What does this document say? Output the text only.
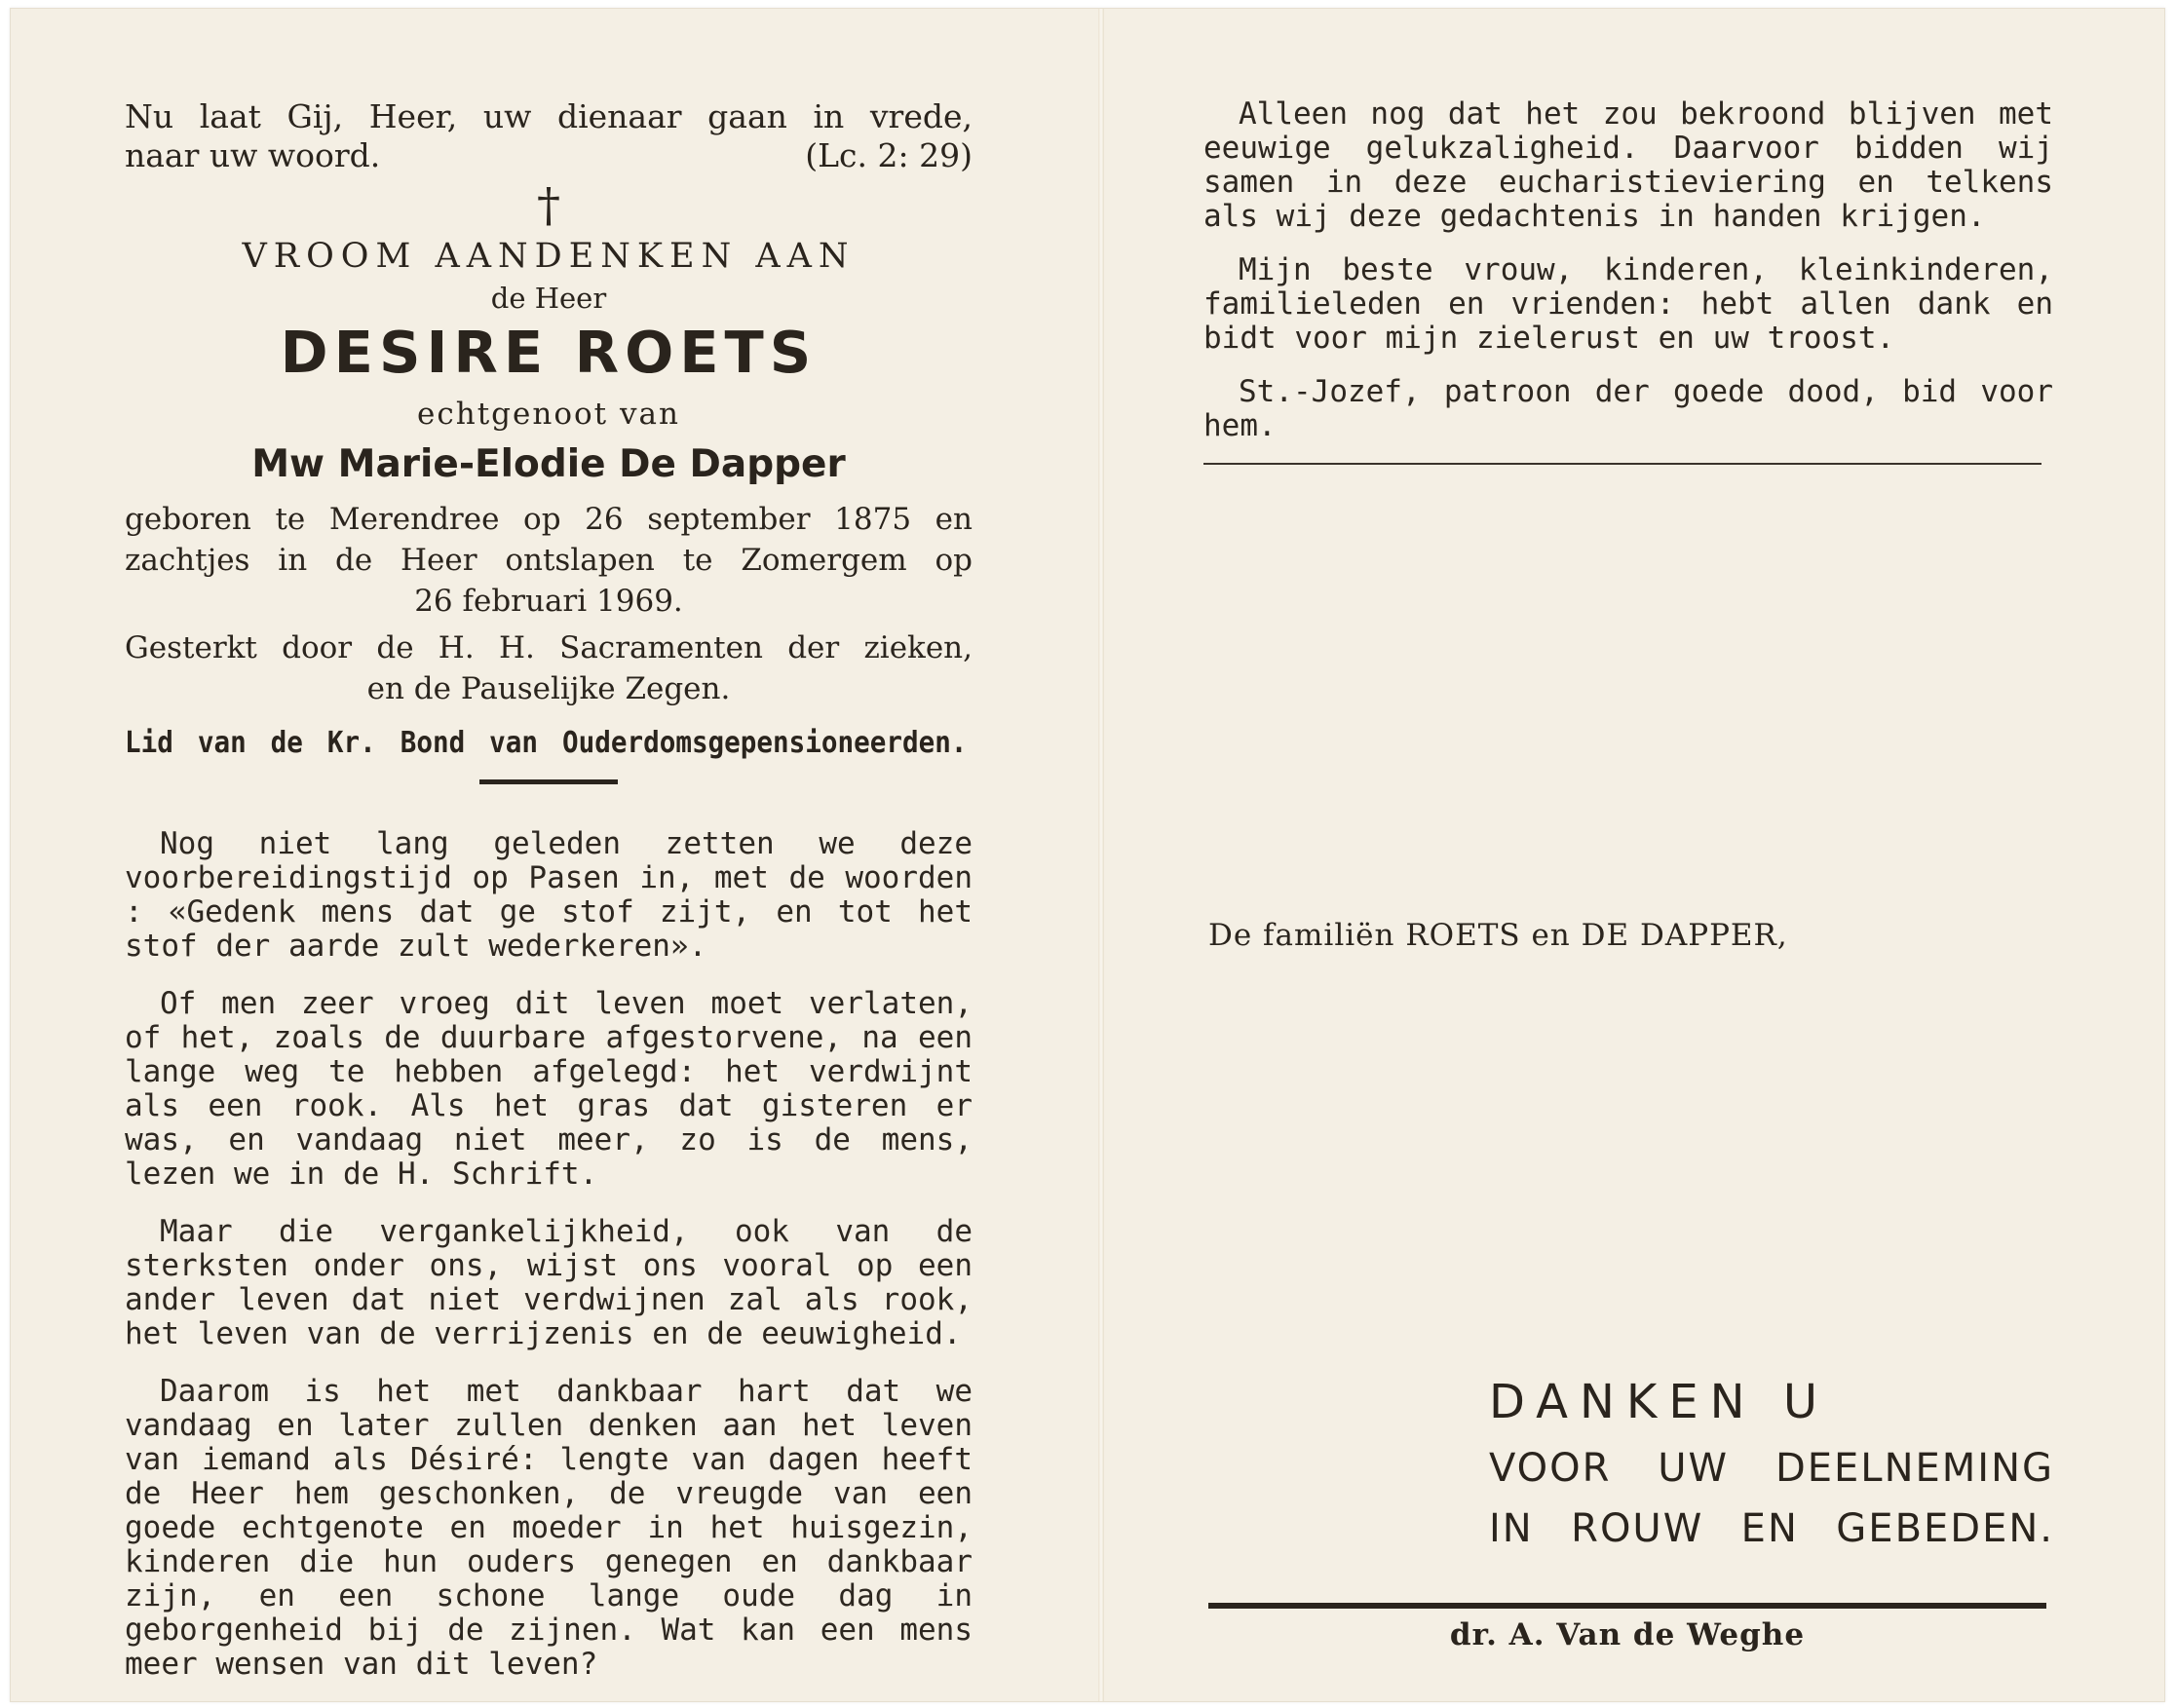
Nu laat Gij, Heer, uw dienaar gaan in vrede,

naar uw woord.	(Lc. 2: 29)
†
VROOM AANDENKEN AAN
de Heer
DESIRE ROETS
echtgenoot van
Mw Marie-Elodie De Dapper

geboren te Merendree op 26 september 1875 en

zachtjes in de Heer ontslapen te Zomergem op

26 februari 1969.

Gesterkt door de H. H. Sacramenten der zieken,

en de Pauselijke Zegen.

Lid van de Kr. Bond van Ouderdomsgepensioneerden.

Nog niet lang geleden zetten we deze voorbereidingstijd op Pasen in, met de woorden : «Gedenk mens dat ge stof zijt, en tot het stof der aarde zult wederkeren».

Of men zeer vroeg dit leven moet verlaten, of het, zoals de duurbare afgestorvene, na een lange weg te hebben afgelegd: het verdwijnt als een rook. Als het gras dat gisteren er was, en vandaag niet meer, zo is de mens, lezen we in de H. Schrift.

Maar die vergankelijkheid, ook van de sterksten onder ons, wijst ons vooral op een ander leven dat niet verdwijnen zal als rook, het leven van de verrijzenis en de eeuwigheid.

Daarom is het met dankbaar hart dat we vandaag en later zullen denken aan het leven van iemand als Désiré: lengte van dagen heeft de Heer hem geschonken, de vreugde van een goede echtgenote en moeder in het huisgezin, kinderen die hun ouders genegen en dankbaar zijn, en een schone lange oude dag in geborgenheid bij de zijnen. Wat kan een mens meer wensen van dit leven?

Alleen nog dat het zou bekroond blijven met eeuwige gelukzaligheid. Daarvoor bidden wij samen in deze eucharistieviering en telkens als wij deze gedachtenis in handen krijgen.

Mijn beste vrouw, kinderen, kleinkinderen, familieleden en vrienden: hebt allen dank en bidt voor mijn zielerust en uw troost.

St.-Jozef, patroon der goede dood, bid voor hem.

De familiën ROETS en DE DAPPER,
DANKEN U
VOOR UW DEELNEMING
IN ROUW EN GEBEDEN.
dr. A. Van de Weghe
